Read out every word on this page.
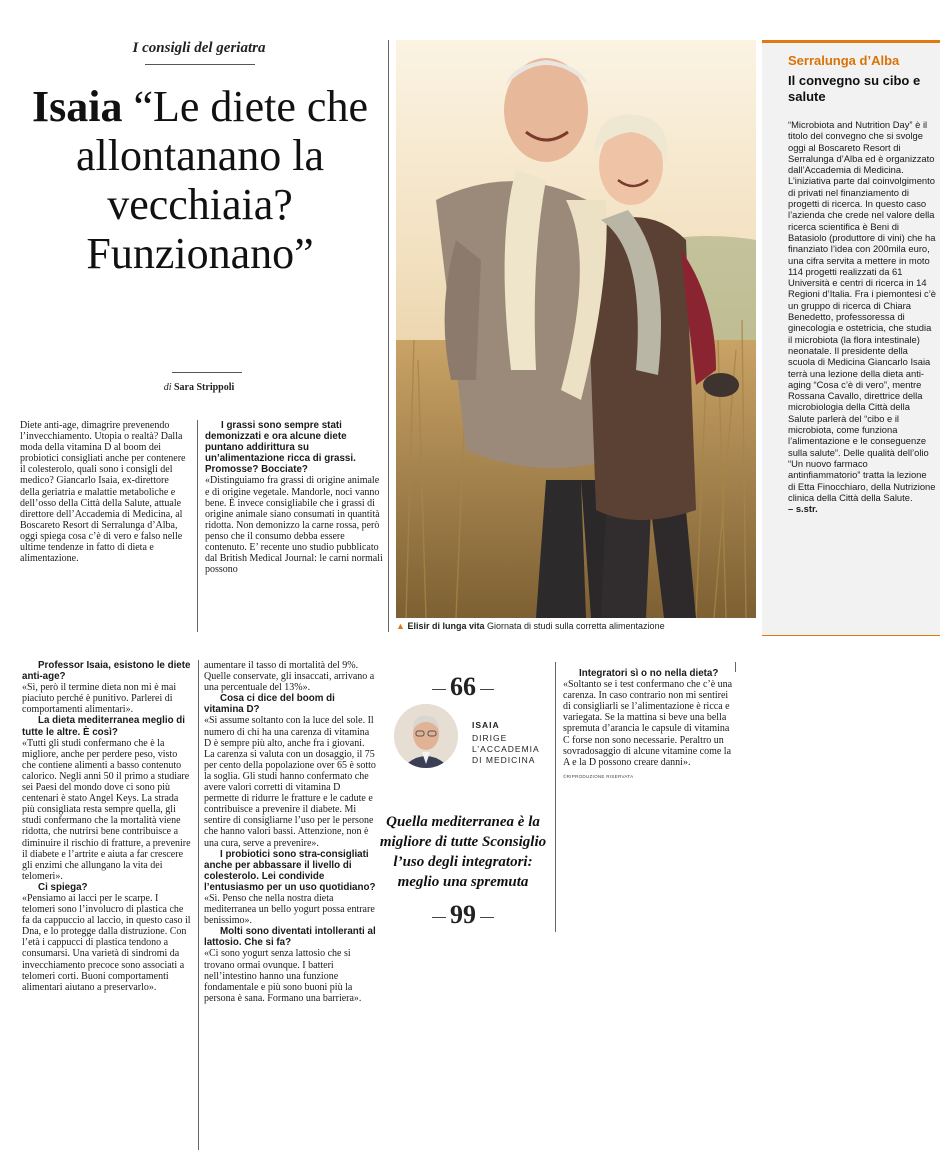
I consigli del geriatra
Isaia “Le diete che allontanano la vecchiaia? Funzionano”
di Sara Strippoli

Diete anti-age, dimagrire prevenendo l’invecchiamento. Utopia o realtà? Dalla moda della vitamina D al boom dei probiotici consigliati anche per contenere il colesterolo, quali sono i consigli del medico? Giancarlo Isaia, ex-direttore della geriatria e malattie metaboliche e dell’osso della Città della Salute, attuale direttore dell’Accademia di Medicina, al Boscareto Resort di Serralunga d’Alba, oggi spiega cosa c’è di vero e falso nelle ultime tendenze in fatto di dieta e alimentazione.

I grassi sono sempre stati demonizzati e ora alcune diete puntano addirittura su un’alimentazione ricca di grassi. Promosse? Bocciate?

«Distinguiamo fra grassi di origine animale e di origine vegetale. Mandorle, noci vanno bene. È invece consigliabile che i grassi di origine animale siano consumati in quantità ridotta. Non demonizzo la carne rossa, però penso che il consumo debba essere contenuto. E’ recente uno studio pubblicato dal British Medical Journal: le carni normali possono

▲ Elisir di lunga vita Giornata di studi sulla corretta alimentazione
Serralunga d’Alba
Il convegno su cibo e salute
“Microbiota and Nutrition Day” è il titolo del convegno che si svolge oggi al Boscareto Resort di Serralunga d’Alba ed è organizzato dall’Accademia di Medicina. L’iniziativa parte dal coinvolgimento di privati nel finanziamento di progetti di ricerca. In questo caso l’azienda che crede nel valore della ricerca scientifica è Beni di Batasiolo (produttore di vini) che ha finanziato l’idea con 200mila euro, una cifra servita a mettere in moto 114 progetti realizzati da 61 Università e centri di ricerca in 14 Regioni d’Italia. Fra i piemontesi c’è un gruppo di ricerca di Chiara Benedetto, professoressa di ginecologia e ostetricia, che studia il microbiota (la flora intestinale) neonatale. Il presidente della scuola di Medicina Giancarlo Isaia terrà una lezione della dieta anti-aging “Cosa c’è di vero”, mentre Rossana Cavallo, direttrice della microbiologia della Città della Salute parlerà del “cibo e il microbiota, come funziona l’alimentazione e le conseguenze sulla salute”. Delle qualità dell’olio “Un nuovo farmaco antinfiammatorio” tratta la lezione di Etta Finocchiaro, della Nutrizione clinica della Città della Salute.
– s.str.

Professor Isaia, esistono le diete anti-age?

«Sì, però il termine dieta non mi è mai piaciuto perché è punitivo. Parlerei di comportamenti alimentari».

La dieta mediterranea meglio di tutte le altre. È così?

«Tutti gli studi confermano che è la migliore, anche per perdere peso, visto che contiene alimenti a basso contenuto calorico. Negli anni 50 il primo a studiare sei Paesi del mondo dove ci sono più centenari è stato Angel Keys. La strada più consigliata resta sempre quella, gli studi confermano che la mortalità viene ridotta, che nutrirsi bene contribuisce a diminuire il rischio di fratture, a prevenire il diabete e l’artrite e aiuta a far crescere gli enzimi che allungano la vita dei telomeri».

Ci spiega?

«Pensiamo ai lacci per le scarpe. I telomeri sono l’involucro di plastica che fa da cappuccio al laccio, in questo caso il Dna, e lo protegge dalla distruzione. Con l’età i cappucci di plastica tendono a consumarsi. Una varietà di sindromi da invecchiamento precoce sono associati a telomeri corti. Buoni comportamenti alimentari aiutano a preservarlo».

aumentare il tasso di mortalità del 9%. Quelle conservate, gli insaccati, arrivano a una percentuale del 13%».

Cosa ci dice del boom di vitamina D?

«Si assume soltanto con la luce del sole. Il numero di chi ha una carenza di vitamina D è sempre più alto, anche fra i giovani. La carenza si valuta con un dosaggio, il 75 per cento della popolazione over 65 è sotto la soglia. Gli studi hanno confermato che avere valori corretti di vitamina D permette di ridurre le fratture e le cadute e contribuisce a prevenire il diabete. Mi sentire di consigliarne l’uso per le persone che hanno valori bassi. Attenzione, non è una cura, serve a prevenire».

I probiotici sono stra-consigliati anche per abbassare il livello di colesterolo. Lei condivide l’entusiasmo per un uso quotidiano?

«Sì. Penso che nella nostra dieta mediterranea un bello yogurt possa entrare benissimo».

Molti sono diventati intolleranti al lattosio. Che si fa?

«Ci sono yogurt senza lattosio che si trovano ormai ovunque. I batteri nell’intestino hanno una funzione fondamentale e più sono buoni più la persona è sana. Formano una barriera».

66
Quella mediterranea è la migliore di tutte Sconsiglio l’uso degli integratori: meglio una spremuta
99
ISAIA
DIRIGE L’ACCADEMIA DI MEDICINA

Integratori sì o no nella dieta?

«Soltanto se i test confermano che c’è una carenza. In caso contrario non mi sentirei di consigliarli se l’alimentazione è ricca e variegata. Se la mattina si beve una bella spremuta d’arancia le capsule di vitamina C forse non sono necessarie. Peraltro un sovradosaggio di alcune vitamine come la A e la D possono creare danni».

©RIPRODUZIONE RISERVATA
